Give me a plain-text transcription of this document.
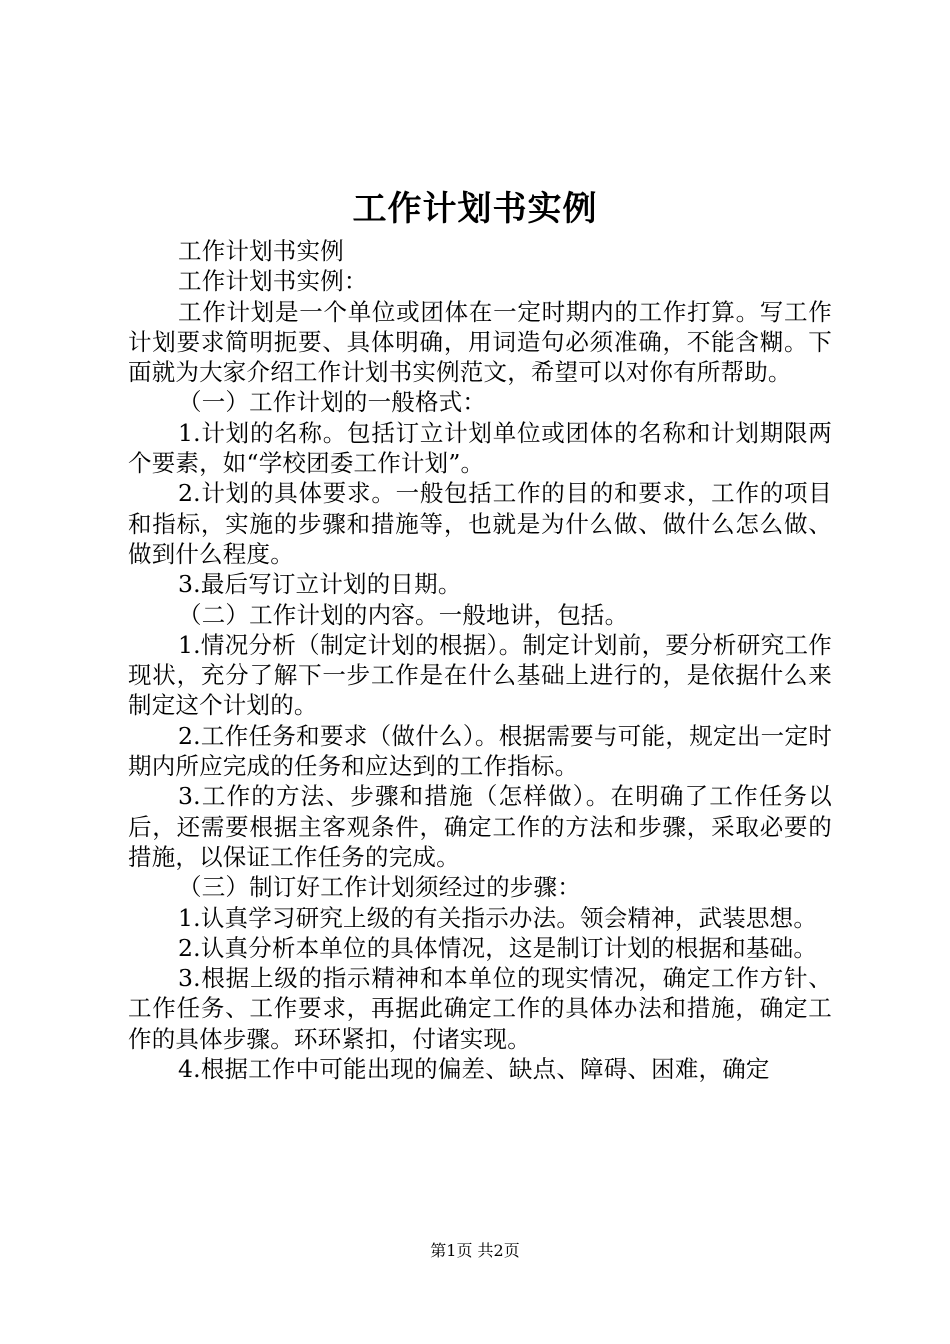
工作计划书实例

工作计划书实例

工作计划书实例：

工作计划是一个单位或团体在一定时期内的工作打算。写工作计划要求简明扼要、具体明确，用词造句必须准确，不能含糊。下面就为大家介绍工作计划书实例范文，希望可以对你有所帮助。

（一）工作计划的一般格式：

1.计划的名称。包括订立计划单位或团体的名称和计划期限两个要素，如“学校团委工作计划”。

2.计划的具体要求。一般包括工作的目的和要求，工作的项目和指标，实施的步骤和措施等，也就是为什么做、做什么怎么做、做到什么程度。

3.最后写订立计划的日期。

（二）工作计划的内容。一般地讲，包括。

1.情况分析（制定计划的根据）。制定计划前，要分析研究工作现状，充分了解下一步工作是在什么基础上进行的，是依据什么来制定这个计划的。

2.工作任务和要求（做什么）。根据需要与可能，规定出一定时期内所应完成的任务和应达到的工作指标。

3.工作的方法、步骤和措施（怎样做）。在明确了工作任务以后，还需要根据主客观条件，确定工作的方法和步骤，采取必要的措施，以保证工作任务的完成。

（三）制订好工作计划须经过的步骤：

1.认真学习研究上级的有关指示办法。领会精神，武装思想。

2.认真分析本单位的具体情况，这是制订计划的根据和基础。

3.根据上级的指示精神和本单位的现实情况，确定工作方针、工作任务、工作要求，再据此确定工作的具体办法和措施，确定工作的具体步骤。环环紧扣，付诸实现。

4.根据工作中可能出现的偏差、缺点、障碍、困难，确定

第1页 共2页
